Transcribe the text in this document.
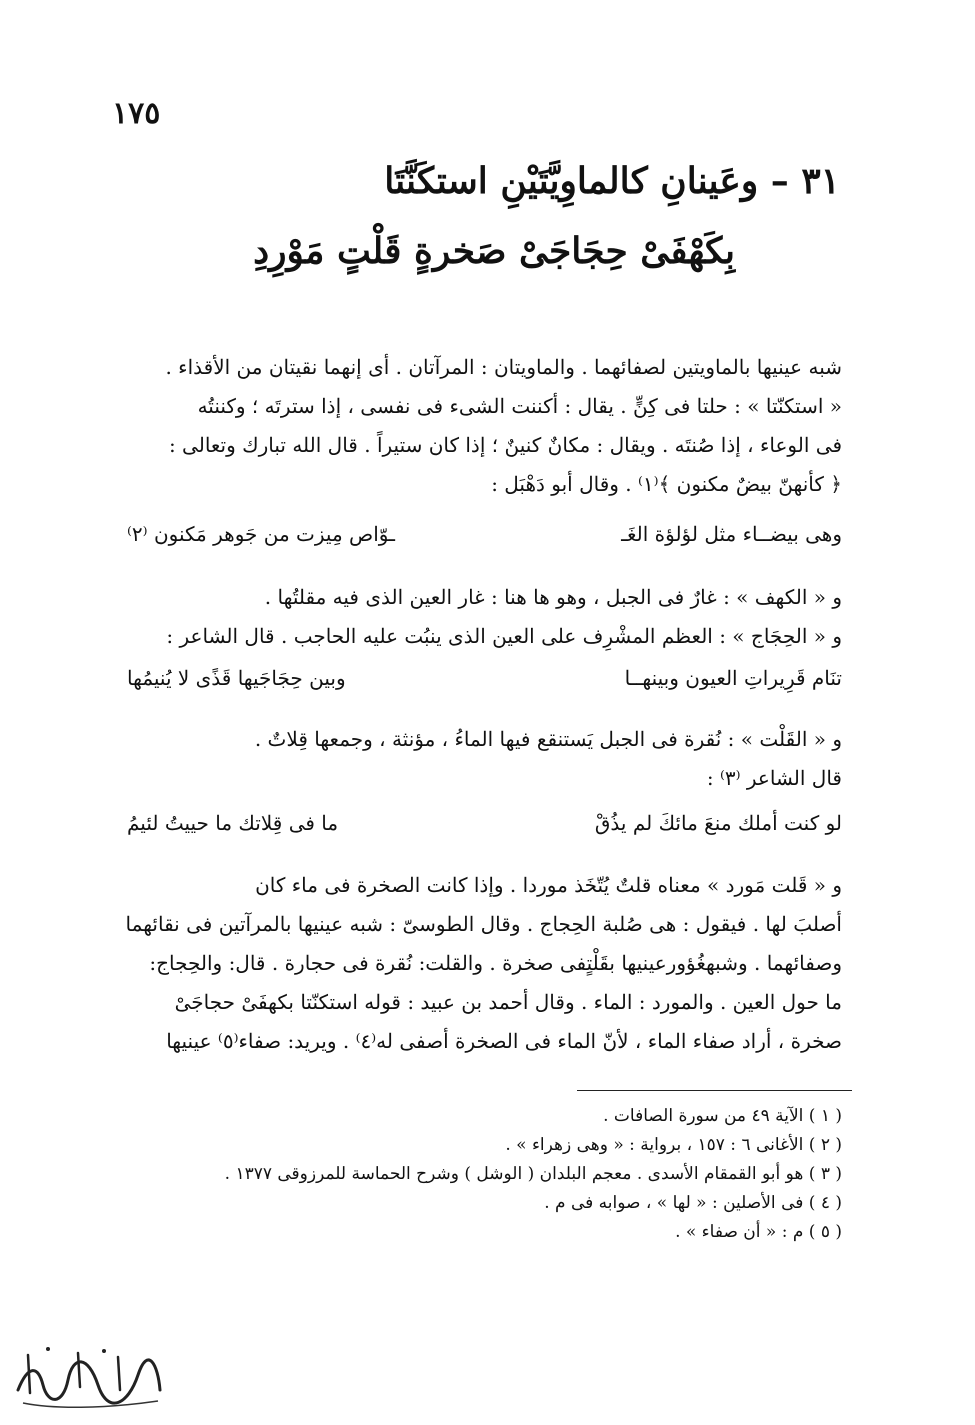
١٧٥

٣١ – وعَينانِ كالماوِيَّتَيْنِ استكَنَّتَا

بِكَهْفَىْ حِجَاجَىْ صَخرةٍ قَلْتٍ مَوْرِدِ

شبه عينيها بالماويتين لصفائهما . والماويتان : المرآتان . أى إنهما نقيتان من الأقذاء .
« استكنّتا » : حلتا فى كِنٍّ . يقال : أكننت الشىء فى نفسى ، إذا سترتَه ؛ وكننتُه
فى الوعاء ، إذا صُنتَه . ويقال : مكانٌ كنينٌ ؛ إذا كان ستيراً . قال الله تبارك وتعالى :
﴿ كأنهنّ بيضٌ مكنون ﴾⁽١⁾ . وقال أبو دَهْبَل :
وهى بيضــاء مثل لؤلؤة الغَـ
ـوّاص مِيزت من جَوهر مَكنون ⁽٢⁾
و « الكهف » : غارٌ فى الجبل ، وهو ها هنا : غار العين الذى فيه مقلتُها .
و « الحِجَاج » : العظم المشْرِف على العين الذى ينبُت عليه الحاجب . قال الشاعر :
تنَام قَرِيراتِ العيون وبينهــا
وبين حِجَاجَيها قَذًى لا يُنيمُها
و « القَلْت » : نُقرة فى الجبل يَستنقع فيها الماءُ ، مؤنثة ، وجمعها قِلاتٌ .
قال الشاعر ⁽٣⁾ :
لو كنت أملك منعَ مائكَ لم يذُقْ
ما فى قِلاتك ما حييتُ لئيمُ
و « قَلت مَورد » معناه قلتٌ يُتّخَذ موردا . وإذا كانت الصخرة فى ماء كان
أصلبَ لها . فيقول : هى صُلبة الحِجاج . وقال الطوسىّ : شبه عينيها بالمرآتين فى نقائهما
وصفائهما . وشبهغُؤورعينيها بقَلْتٍفى صخرة . والقلت: نُقرة فى حجارة . قال: والحِجاج:
ما حول العين . والمورد : الماء . وقال أحمد بن عبيد : قوله استكنّتا بكهفَىْ حجاجَىْ
صخرة ، أراد صفاء الماء ، لأنّ الماء فى الصخرة أصفى له⁽٤⁾ . ويريد: صفاء⁽٥⁾ عينيها
( ١ ) الآية ٤٩ من سورة الصافات .
( ٢ ) الأغانى ٦ : ١٥٧ ، برواية : « وهى زهراء » .
( ٣ ) هو أبو القمقام الأسدى . معجم البلدان ( الوشل ) وشرح الحماسة للمرزوقى ١٣٧٧ .
( ٤ ) فى الأصلين : « لها » ، صوابه فى م .
( ٥ ) م : « أن صفاء » .
